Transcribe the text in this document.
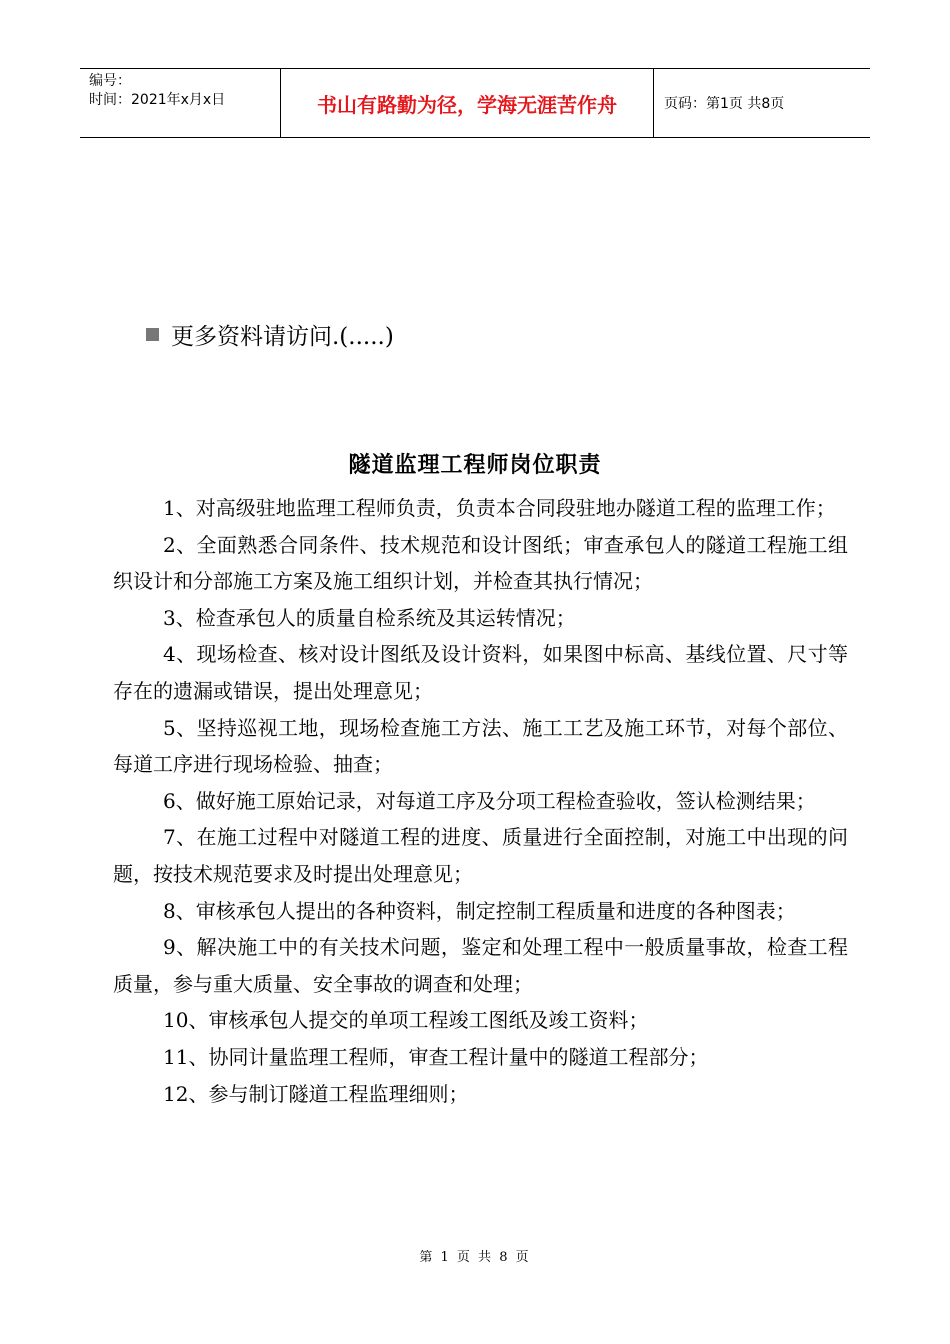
编号：
时间：2021年x月x日	书山有路勤为径，学海无涯苦作舟	页码：第1页 共8页
更多资料请访问.(.....)
隧道监理工程师岗位职责

1、对高级驻地监理工程师负责，负责本合同段驻地办隧道工程的监理工作；

2、全面熟悉合同条件、技术规范和设计图纸；审查承包人的隧道工程施工组织设计和分部施工方案及施工组织计划，并检查其执行情况；

3、检查承包人的质量自检系统及其运转情况；

4、现场检查、核对设计图纸及设计资料，如果图中标高、基线位置、尺寸等存在的遗漏或错误，提出处理意见；

5、坚持巡视工地，现场检查施工方法、施工工艺及施工环节，对每个部位、每道工序进行现场检验、抽查；

6、做好施工原始记录，对每道工序及分项工程检查验收，签认检测结果；

7、在施工过程中对隧道工程的进度、质量进行全面控制，对施工中出现的问题，按技术规范要求及时提出处理意见；

8、审核承包人提出的各种资料，制定控制工程质量和进度的各种图表；

9、解决施工中的有关技术问题，鉴定和处理工程中一般质量事故，检查工程质量，参与重大质量、安全事故的调查和处理；

10、审核承包人提交的单项工程竣工图纸及竣工资料；

11、协同计量监理工程师，审查工程计量中的隧道工程部分；

12、参与制订隧道工程监理细则；

第 1 页 共 8 页
